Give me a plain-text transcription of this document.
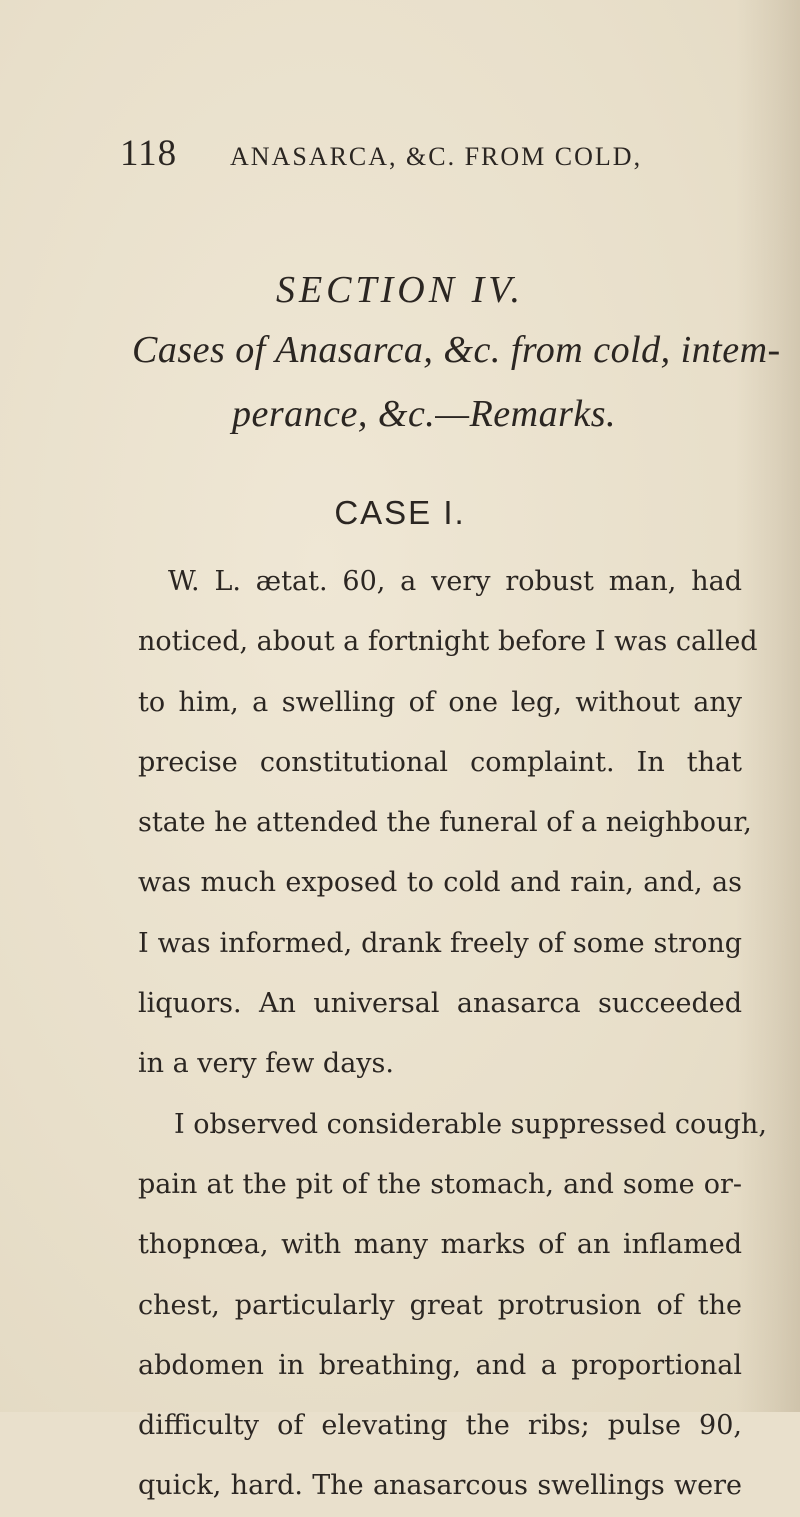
118	ANASARCA, &C. FROM COLD,
SECTION IV.
Cases of Anasarca, &c. from cold, intem-
perance, &c.—Remarks.
CASE I.
W. L. ætat. 60, a very robust man, had
noticed, about a fortnight before I was called
to him, a swelling of one leg, without any
precise constitutional complaint. In that
state he attended the funeral of a neighbour,
was much exposed to cold and rain, and, as
I was informed, drank freely of some strong
liquors. An universal anasarca succeeded
in a very few days.
I observed considerable suppressed cough,
pain at the pit of the stomach, and some or-
thopnœa, with many marks of an inflamed
chest, particularly great protrusion of the
abdomen in breathing, and a proportional
difficulty of elevating the ribs; pulse 90,
quick, hard. The anasarcous swellings were
